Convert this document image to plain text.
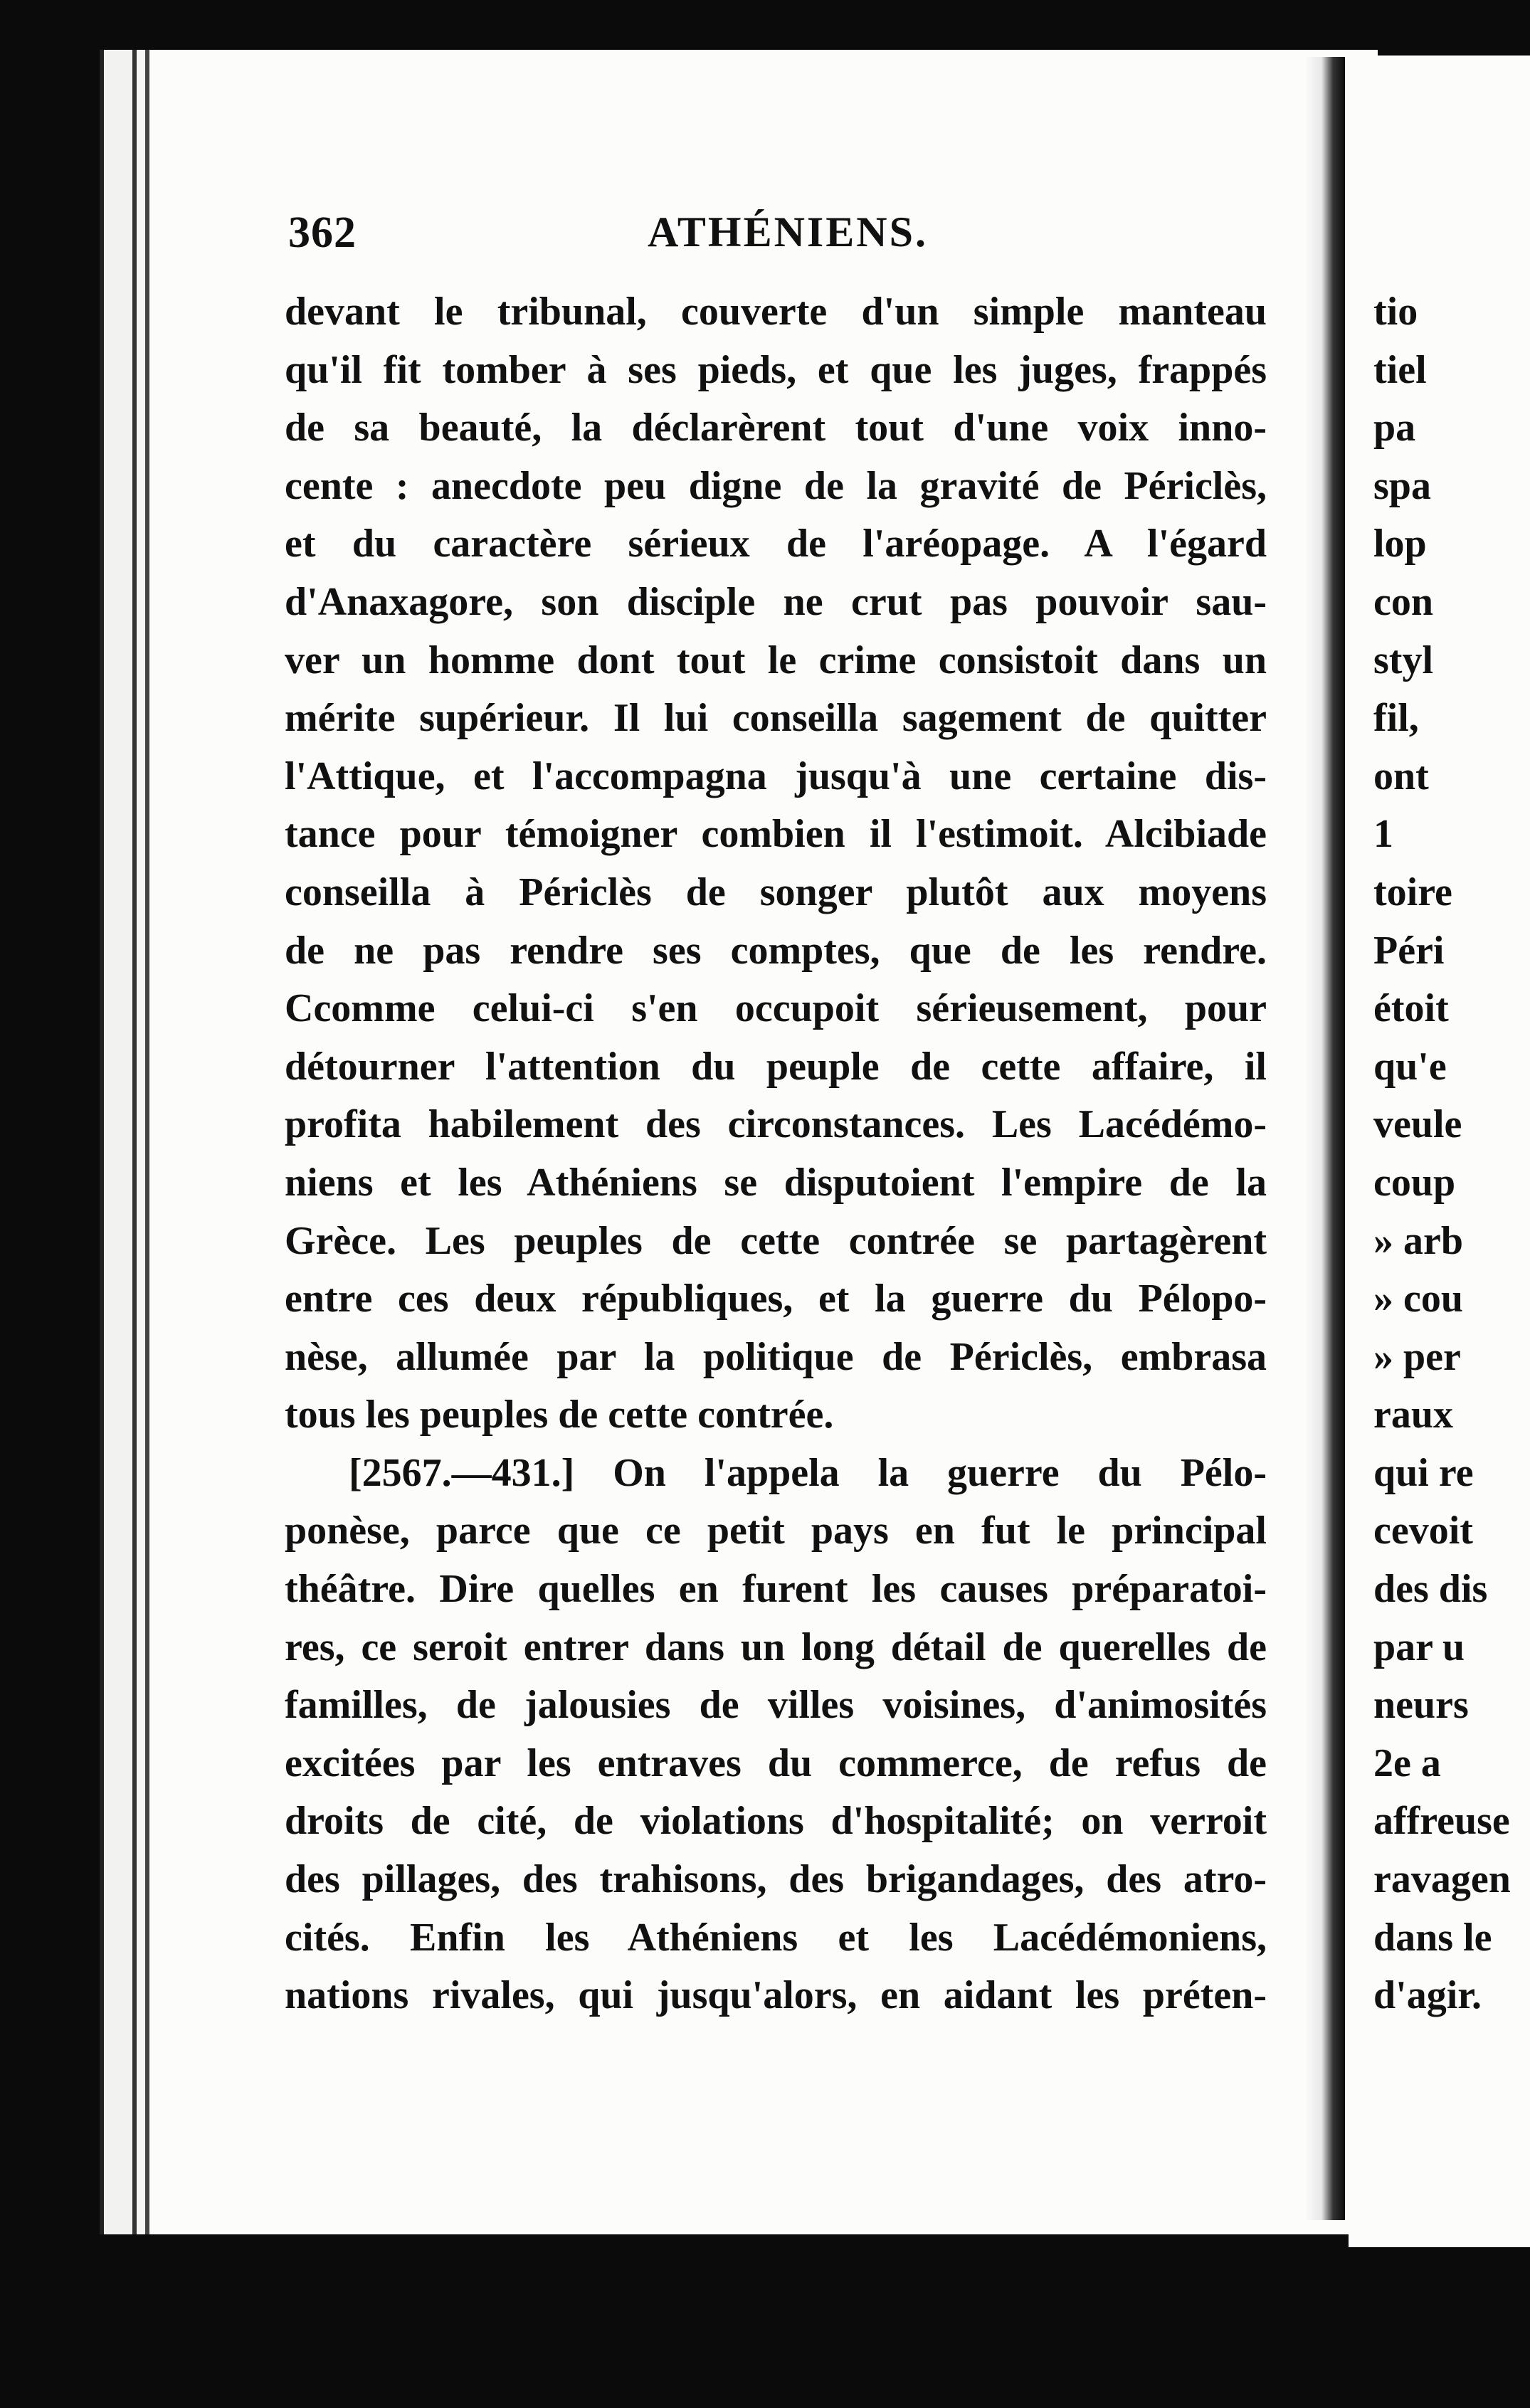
tio
tiel
pa
spa
lop
con
styl
fil,
ont
1
toire
Péri
étoit
qu'e
veule
coup
» arb
» cou
» per
raux
qui re
cevoit
des dis
par u
neurs
2e a
affreuse
ravagen
dans le
d'agir.
362	ATHÉNIENS.
devant le tribunal, couverte d'un simple manteau
qu'il fit tomber à ses pieds, et que les juges, frappés
de sa beauté, la déclarèrent tout d'une voix inno-
cente : anecdote peu digne de la gravité de Périclès,
et du caractère sérieux de l'aréopage. A l'égard
d'Anaxagore, son disciple ne crut pas pouvoir sau-
ver un homme dont tout le crime consistoit dans un
mérite supérieur. Il lui conseilla sagement de quitter
l'Attique, et l'accompagna jusqu'à une certaine dis-
tance pour témoigner combien il l'estimoit. Alcibiade
conseilla à Périclès de songer plutôt aux moyens
de ne pas rendre ses comptes, que de les rendre.
Ccomme celui-ci s'en occupoit sérieusement, pour
détourner l'attention du peuple de cette affaire, il
profita habilement des circonstances. Les Lacédémo-
niens et les Athéniens se disputoient l'empire de la
Grèce. Les peuples de cette contrée se partagèrent
entre ces deux républiques, et la guerre du Pélopo-
nèse, allumée par la politique de Périclès, embrasa
tous les peuples de cette contrée.
[2567.—431.] On l'appela la guerre du Pélo-
ponèse, parce que ce petit pays en fut le principal
théâtre. Dire quelles en furent les causes préparatoi-
res, ce seroit entrer dans un long détail de querelles de
familles, de jalousies de villes voisines, d'animosités
excitées par les entraves du commerce, de refus de
droits de cité, de violations d'hospitalité; on verroit
des pillages, des trahisons, des brigandages, des atro-
cités. Enfin les Athéniens et les Lacédémoniens,
nations rivales, qui jusqu'alors, en aidant les préten-
